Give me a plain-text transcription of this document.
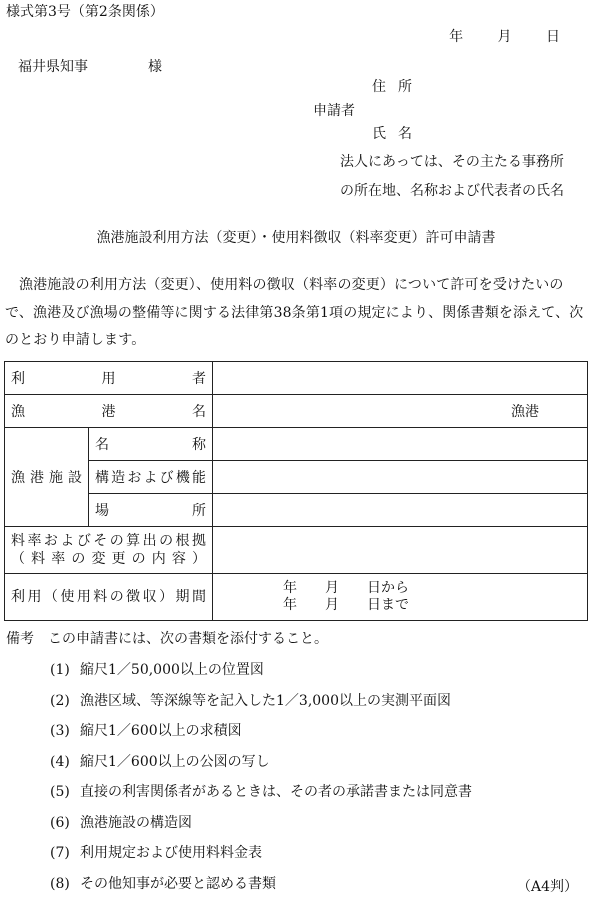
様式第3号（第2条関係）
年 月 日
福井県知事	様
住所
申請者
氏名
法人にあっては、その主たる事務所
の所在地、名称および代表者の氏名
漁港施設利用方法（変更）・使用料徴収（料率変更）許可申請書
漁港施設の利用方法（変更）、使用料の徴収（料率の変更）について許可を受けたいので、漁港及び漁場の整備等に関する法律第38条第1項の規定により、関係書類を添えて、次のとおり申請します。
利用者		
漁港名		漁港
漁港施設	名称	
	構造および機能	
	場所	

料率およびその算出の根拠
（料率の変更の内容）		

利用（使用料の徴収）期間		年　　月　　日から
年　　月　　日まで
備考 この申請書には、次の書類を添付すること。
(1) 縮尺1／50,000以上の位置図
(2) 漁港区域、等深線等を記入した1／3,000以上の実測平面図
(3) 縮尺1／600以上の求積図
(4) 縮尺1／600以上の公図の写し
(5) 直接の利害関係者があるときは、その者の承諾書または同意書
(6) 漁港施設の構造図
(7) 利用規定および使用料料金表
(8) その他知事が必要と認める書類	（A4判）
